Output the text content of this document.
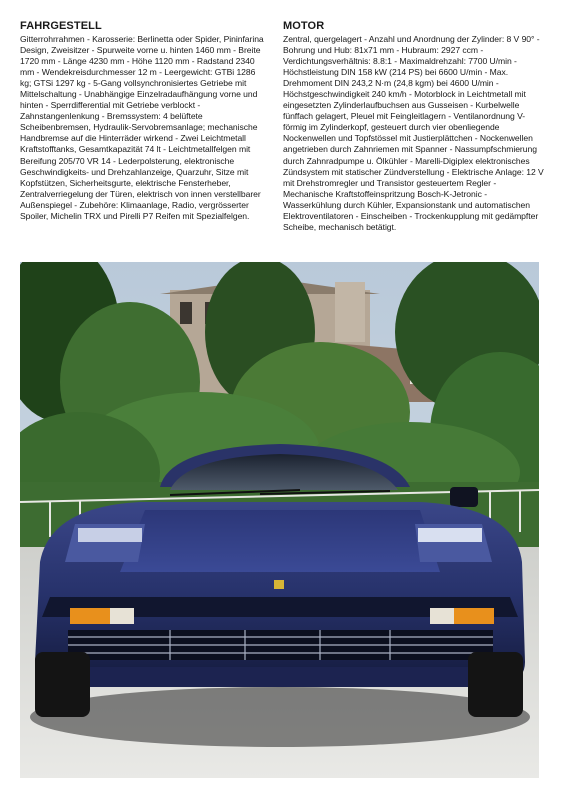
FAHRGESTELL

Gitterrohrrahmen - Karosserie: Berlinetta oder Spider, Pininfarina Design, Zweisitzer - Spurweite vorne u. hinten 1460 mm - Breite 1720 mm - Länge 4230 mm - Höhe 1120 mm - Radstand 2340 mm - Wendekreisdurchmesser 12 m - Leergewicht: GTBi 1286 kg; GTSi 1297 kg - 5-Gang vollsynchronisiertes Getriebe mit Mittelschaltung - Unabhängige Einzelradaufhängung vorne und hinten - Sperrdifferential mit Getriebe verblockt - Zahnstangenlenkung - Bremssystem: 4 belüftete Scheibenbremsen, Hydraulik-Servobremsanlage; mechanische Handbremse auf die Hinterräder wirkend - Zwei Leichtmetall Kraftstofftanks, Gesamtkapazität 74 lt - Leichtmetallfelgen mit Bereifung 205/70 VR 14 - Lederpolsterung, elektronische Geschwindigkeits- und Drehzahlanzeige, Quarzuhr, Sitze mit Kopfstützen, Sicherheitsgurte, elektrische Fensterheber, Zentralverriegelung der Türen, elektrisch von innen verstellbarer Außenspiegel - Zubehöre: Klimaanlage, Radio, vergrösserter Spoiler, Michelin TRX und Pirelli P7 Reifen mit Spezialfelgen.

MOTOR

Zentral, quergelagert - Anzahl und Anordnung der Zylinder: 8 V 90° - Bohrung und Hub: 81x71 mm - Hubraum: 2927 ccm - Verdichtungsverhältnis: 8.8:1 - Maximaldrehzahl: 7700 U/min - Höchstleistung DIN 158 kW (214 PS) bei 6600 U/min - Max. Drehmoment DIN 243,2 N·m (24,8 kgm) bei 4600 U/min - Höchstgeschwindigkeit 240 km/h - Motorblock in Leichtmetall mit eingesetzten Zylinderlaufbuchsen aus Gusseisen - Kurbelwelle fünffach gelagert, Pleuel mit Feingleitlagern - Ventilanordnung V-förmig im Zylinderkopf, gesteuert durch vier obenliegende Nockenwellen und Topfstössel mit Justierplättchen - Nockenwellen angetrieben durch Zahnriemen mit Spanner - Nassumpfschmierung durch Zahnradpumpe u. Ölkühler - Marelli-Digiplex elektronisches Zündsystem mit statischer Zündverstellung - Elektrische Anlage: 12 V mit Drehstromregler und Transistor gesteuertem Regler - Mechanische Kraftstoffeinspritzung Bosch-K-Jetronic - Wasserkühlung durch Kühler, Expansionstank und automatischen Elektroventilatoren - Einscheiben - Trockenkupplung mit gedämpfter Scheibe, mechanisch betätigt.
